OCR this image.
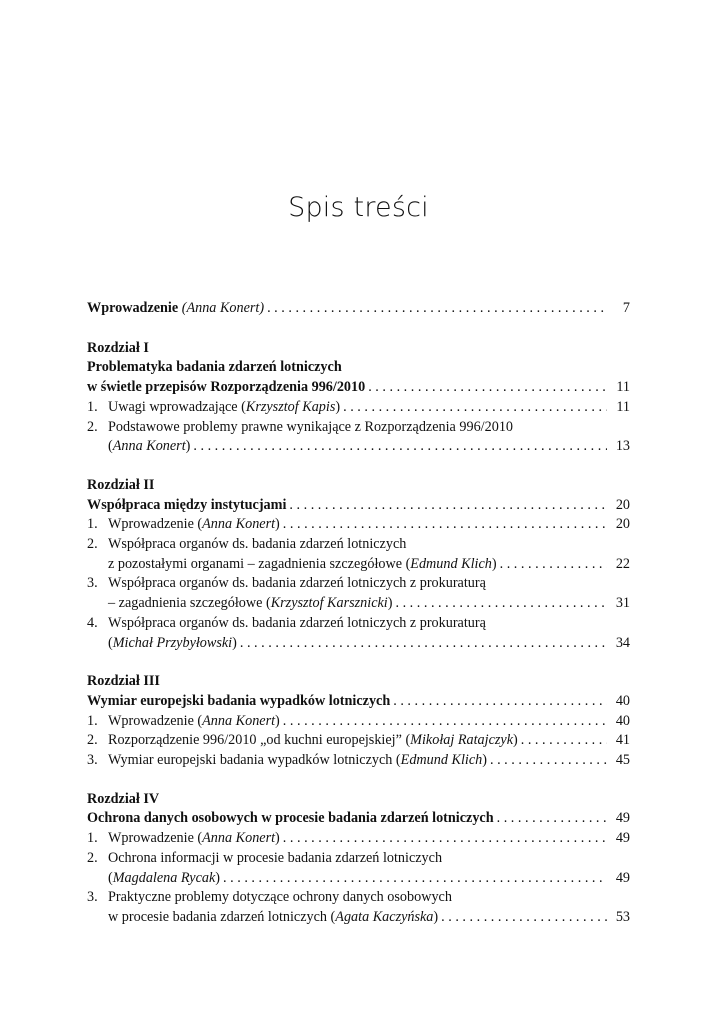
Spis treści
Wprowadzenie (Anna Konert) . . .	7
Rozdział I
Problematyka badania zdarzeń lotniczych
w świetle przepisów Rozporządzenia 996/2010 . . .	11
1. Uwagi wprowadzające (Krzysztof Kapis) . . .	11
2. Podstawowe problemy prawne wynikające z Rozporządzenia 996/2010
(Anna Konert) . . .	13
Rozdział II
Współpraca między instytucjami . . .	20
1. Wprowadzenie (Anna Konert) . . .	20
2. Współpraca organów ds. badania zdarzeń lotniczych
z pozostałymi organami – zagadnienia szczegółowe (Edmund Klich) . . .	22
3. Współpraca organów ds. badania zdarzeń lotniczych z prokuraturą
– zagadnienia szczegółowe (Krzysztof Karsznicki) . . .	31
4. Współpraca organów ds. badania zdarzeń lotniczych z prokuraturą
(Michał Przybyłowski) . . .	34
Rozdział III
Wymiar europejski badania wypadków lotniczych . . .	40
1. Wprowadzenie (Anna Konert) . . .	40
2. Rozporządzenie 996/2010 „od kuchni europejskiej” (Mikołaj Ratajczyk) . . .	41
3. Wymiar europejski badania wypadków lotniczych (Edmund Klich) . . .	45
Rozdział IV
Ochrona danych osobowych w procesie badania zdarzeń lotniczych . . .	49
1. Wprowadzenie (Anna Konert) . . .	49
2. Ochrona informacji w procesie badania zdarzeń lotniczych
(Magdalena Rycak) . . .	49
3. Praktyczne problemy dotyczące ochrony danych osobowych
w procesie badania zdarzeń lotniczych (Agata Kaczyńska) . . .	53
